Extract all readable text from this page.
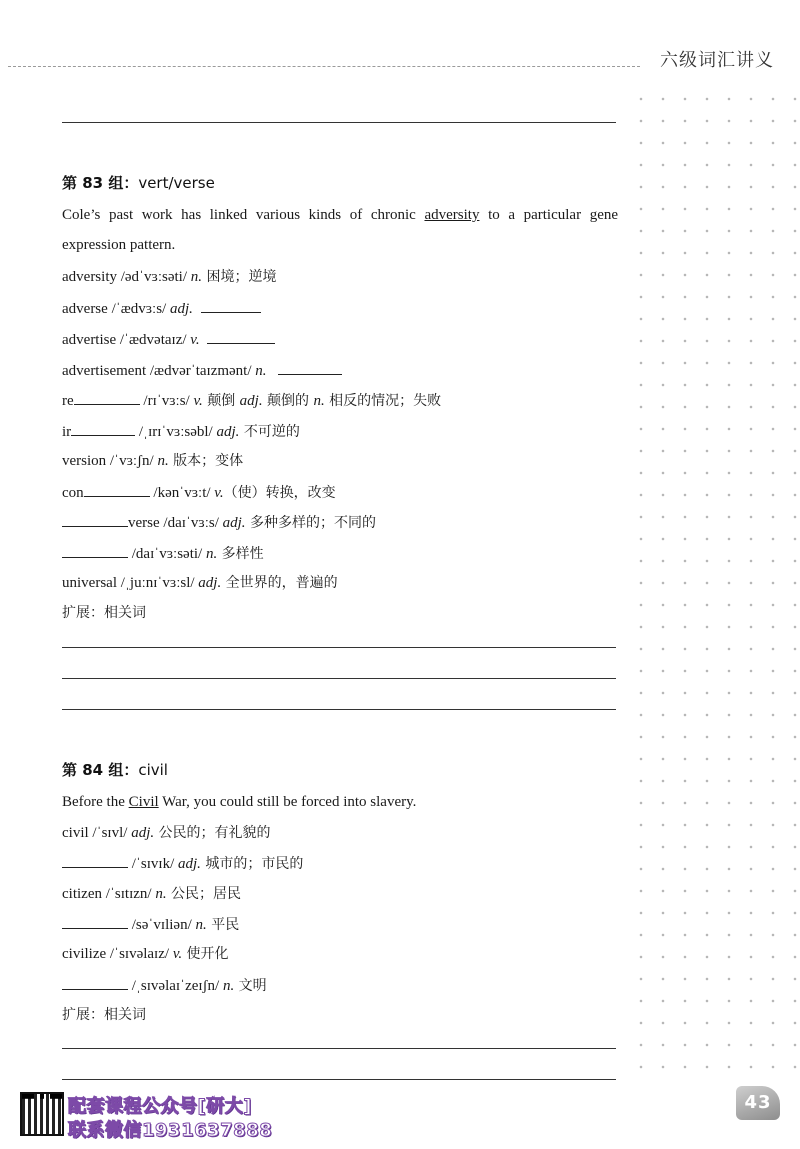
六级词汇讲义
第 83 组：vert/verse
Cole’s past work has linked various kinds of chronic adversity to a particular gene expression pattern.
adversity /ədˈvɜːsəti/ n. 困境；逆境
adverse /ˈædvɜːs/ adj.
advertise /ˈædvətaɪz/ v.
advertisement /ædvərˈtaɪzmənt/ n.
re	/rɪˈvɜːs/ v. 颠倒 adj. 颠倒的 n. 相反的情况；失败
ir	/ˌɪrɪˈvɜːsəbl/ adj. 不可逆的
version /ˈvɜːʃn/ n. 版本；变体
con	/kənˈvɜːt/ v.（使）转换，改变
verse /daɪˈvɜːs/ adj. 多种多样的；不同的
/daɪˈvɜːsəti/ n. 多样性
universal /ˌjuːnɪˈvɜːsl/ adj. 全世界的，普遍的
扩展：相关词
第 84 组：civil
Before the Civil War, you could still be forced into slavery.
civil /ˈsɪvl/ adj. 公民的；有礼貌的
/ˈsɪvɪk/ adj. 城市的；市民的
citizen /ˈsɪtɪzn/ n. 公民；居民
/səˈvɪliən/ n. 平民
civilize /ˈsɪvəlaɪz/ v. 使开化
/ˌsɪvəlaɪˈzeɪʃn/ n. 文明
扩展：相关词
配套课程公众号[研大]
联系微信1931637888
43
